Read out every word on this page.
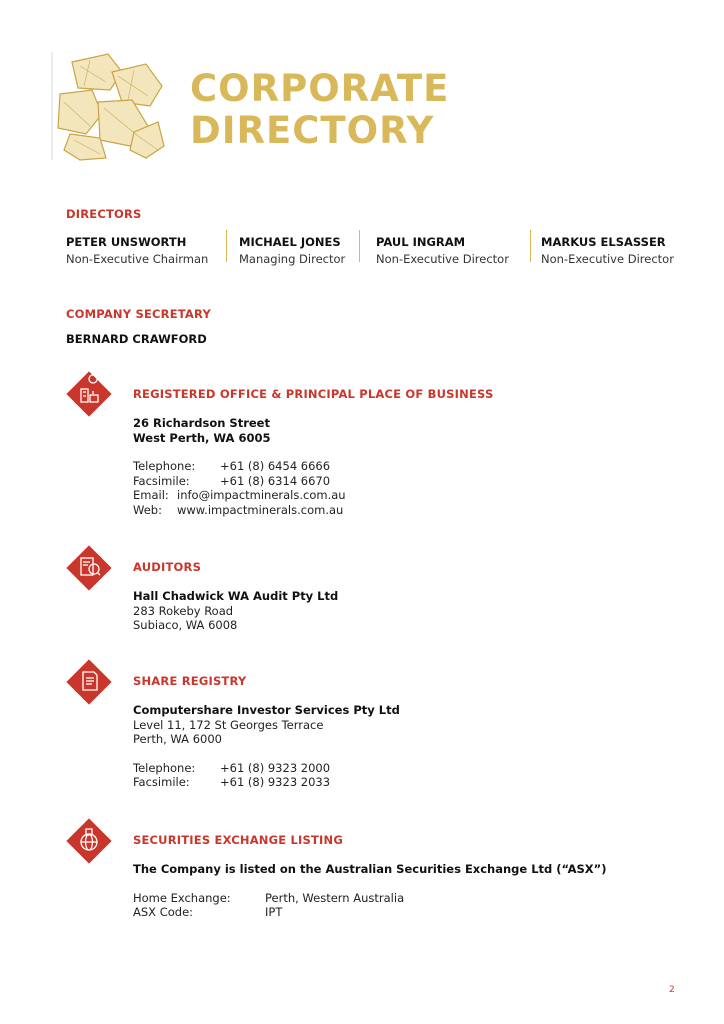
CORPORATE
DIRECTORY
DIRECTORS
PETER UNSWORTH
Non-Executive Chairman
MICHAEL JONES
Managing Director
PAUL INGRAM
Non-Executive Director
MARKUS ELSASSER
Non-Executive Director
COMPANY SECRETARY
BERNARD CRAWFORD
REGISTERED OFFICE & PRINCIPAL PLACE OF BUSINESS
26 Richardson Street
West Perth, WA 6005
Telephone:	+61 (8) 6454 6666
Facsimile:	+61 (8) 6314 6670
Email: info@impactminerals.com.au
Web:	www.impactminerals.com.au
AUDITORS
Hall Chadwick WA Audit Pty Ltd
283 Rokeby Road
Subiaco, WA 6008
SHARE REGISTRY
Computershare Investor Services Pty Ltd
Level 11, 172 St Georges Terrace
Perth, WA 6000
Telephone:	+61 (8) 9323 2000
Facsimile:	+61 (8) 9323 2033
SECURITIES EXCHANGE LISTING
The Company is listed on the Australian Securities Exchange Ltd (“ASX”)
Home Exchange:	Perth, Western Australia
ASX Code:	IPT
2
